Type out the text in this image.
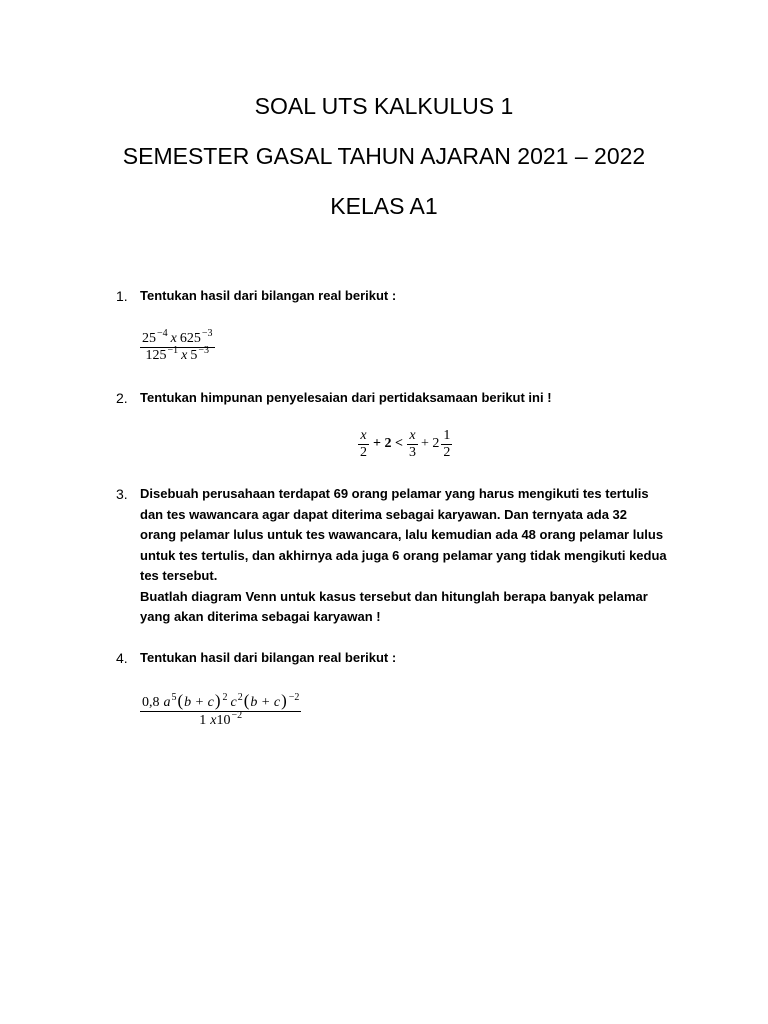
SOAL UTS KALKULUS 1
SEMESTER GASAL TAHUN AJARAN 2021 – 2022
KELAS A1
1. Tentukan hasil dari bilangan real berikut :
$\frac{25^{-4} x 625^{-3}}{125^{-1} x 5^{-3}}$
2. Tentukan himpunan penyelesaian dari pertidaksamaan berikut ini !
$\frac{x}{2} + 2 < \frac{x}{3} + 2 \frac{1}{2}$
3. Disebuah perusahaan terdapat 69 orang pelamar yang harus mengikuti tes tertulis
dan tes wawancara agar dapat diterima sebagai karyawan. Dan ternyata ada 32
orang pelamar lulus untuk tes wawancara, lalu kemudian ada 48 orang pelamar lulus
untuk tes tertulis, dan akhirnya ada juga 6 orang pelamar yang tidak mengikuti kedua
tes tersebut.
Buatlah diagram Venn untuk kasus tersebut dan hitunglah berapa banyak pelamar
yang akan diterima sebagai karyawan !
4. Tentukan hasil dari bilangan real berikut :
0,8 $a^5$ ( b + c )$^2$ $c^2$ ( b + c )$^{-2}$
1 x $10^{-2}$
